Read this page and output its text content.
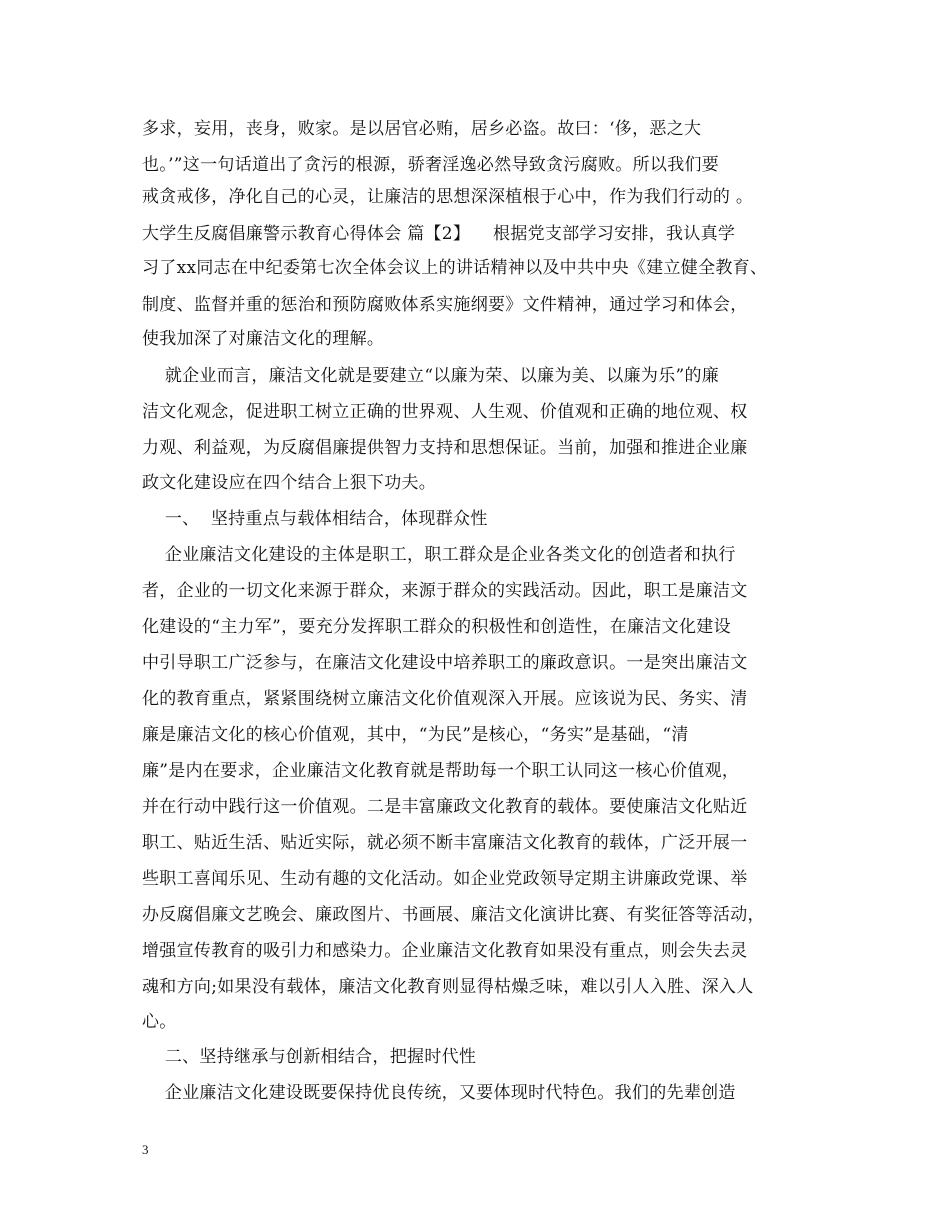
多求，妄用，丧身，败家。是以居官必贿，居乡必盗。故曰：‘侈，恶之大
也。’”这一句话道出了贪污的根源，骄奢淫逸必然导致贪污腐败。所以我们要
戒贪戒侈，净化自己的心灵，让廉洁的思想深深植根于心中，作为我们行动的 。
大学生反腐倡廉警示教育心得体会 篇【2】    根据党支部学习安排，我认真学
习了xx同志在中纪委第七次全体会议上的讲话精神以及中共中央《建立健全教育、
制度、监督并重的惩治和预防腐败体系实施纲要》文件精神，通过学习和体会，
使我加深了对廉洁文化的理解。
就企业而言，廉洁文化就是要建立“以廉为荣、以廉为美、以廉为乐”的廉
洁文化观念，促进职工树立正确的世界观、人生观、价值观和正确的地位观、权
力观、利益观，为反腐倡廉提供智力支持和思想保证。当前，加强和推进企业廉
政文化建设应在四个结合上狠下功夫。
一、  坚持重点与载体相结合，体现群众性
企业廉洁文化建设的主体是职工，职工群众是企业各类文化的创造者和执行
者，企业的一切文化来源于群众，来源于群众的实践活动。因此，职工是廉洁文
化建设的“主力军”，要充分发挥职工群众的积极性和创造性，在廉洁文化建设
中引导职工广泛参与，在廉洁文化建设中培养职工的廉政意识。一是突出廉洁文
化的教育重点，紧紧围绕树立廉洁文化价值观深入开展。应该说为民、务实、清
廉是廉洁文化的核心价值观，其中，“为民”是核心，“务实”是基础，“清
廉”是内在要求，企业廉洁文化教育就是帮助每一个职工认同这一核心价值观，
并在行动中践行这一价值观。二是丰富廉政文化教育的载体。要使廉洁文化贴近
职工、贴近生活、贴近实际，就必须不断丰富廉洁文化教育的载体，广泛开展一
些职工喜闻乐见、生动有趣的文化活动。如企业党政领导定期主讲廉政党课、举
办反腐倡廉文艺晚会、廉政图片、书画展、廉洁文化演讲比赛、有奖征答等活动，
增强宣传教育的吸引力和感染力。企业廉洁文化教育如果没有重点，则会失去灵
魂和方向;如果没有载体，廉洁文化教育则显得枯燥乏味，难以引人入胜、深入人
心。
二、坚持继承与创新相结合，把握时代性
企业廉洁文化建设既要保持优良传统，又要体现时代特色。我们的先辈创造
3
